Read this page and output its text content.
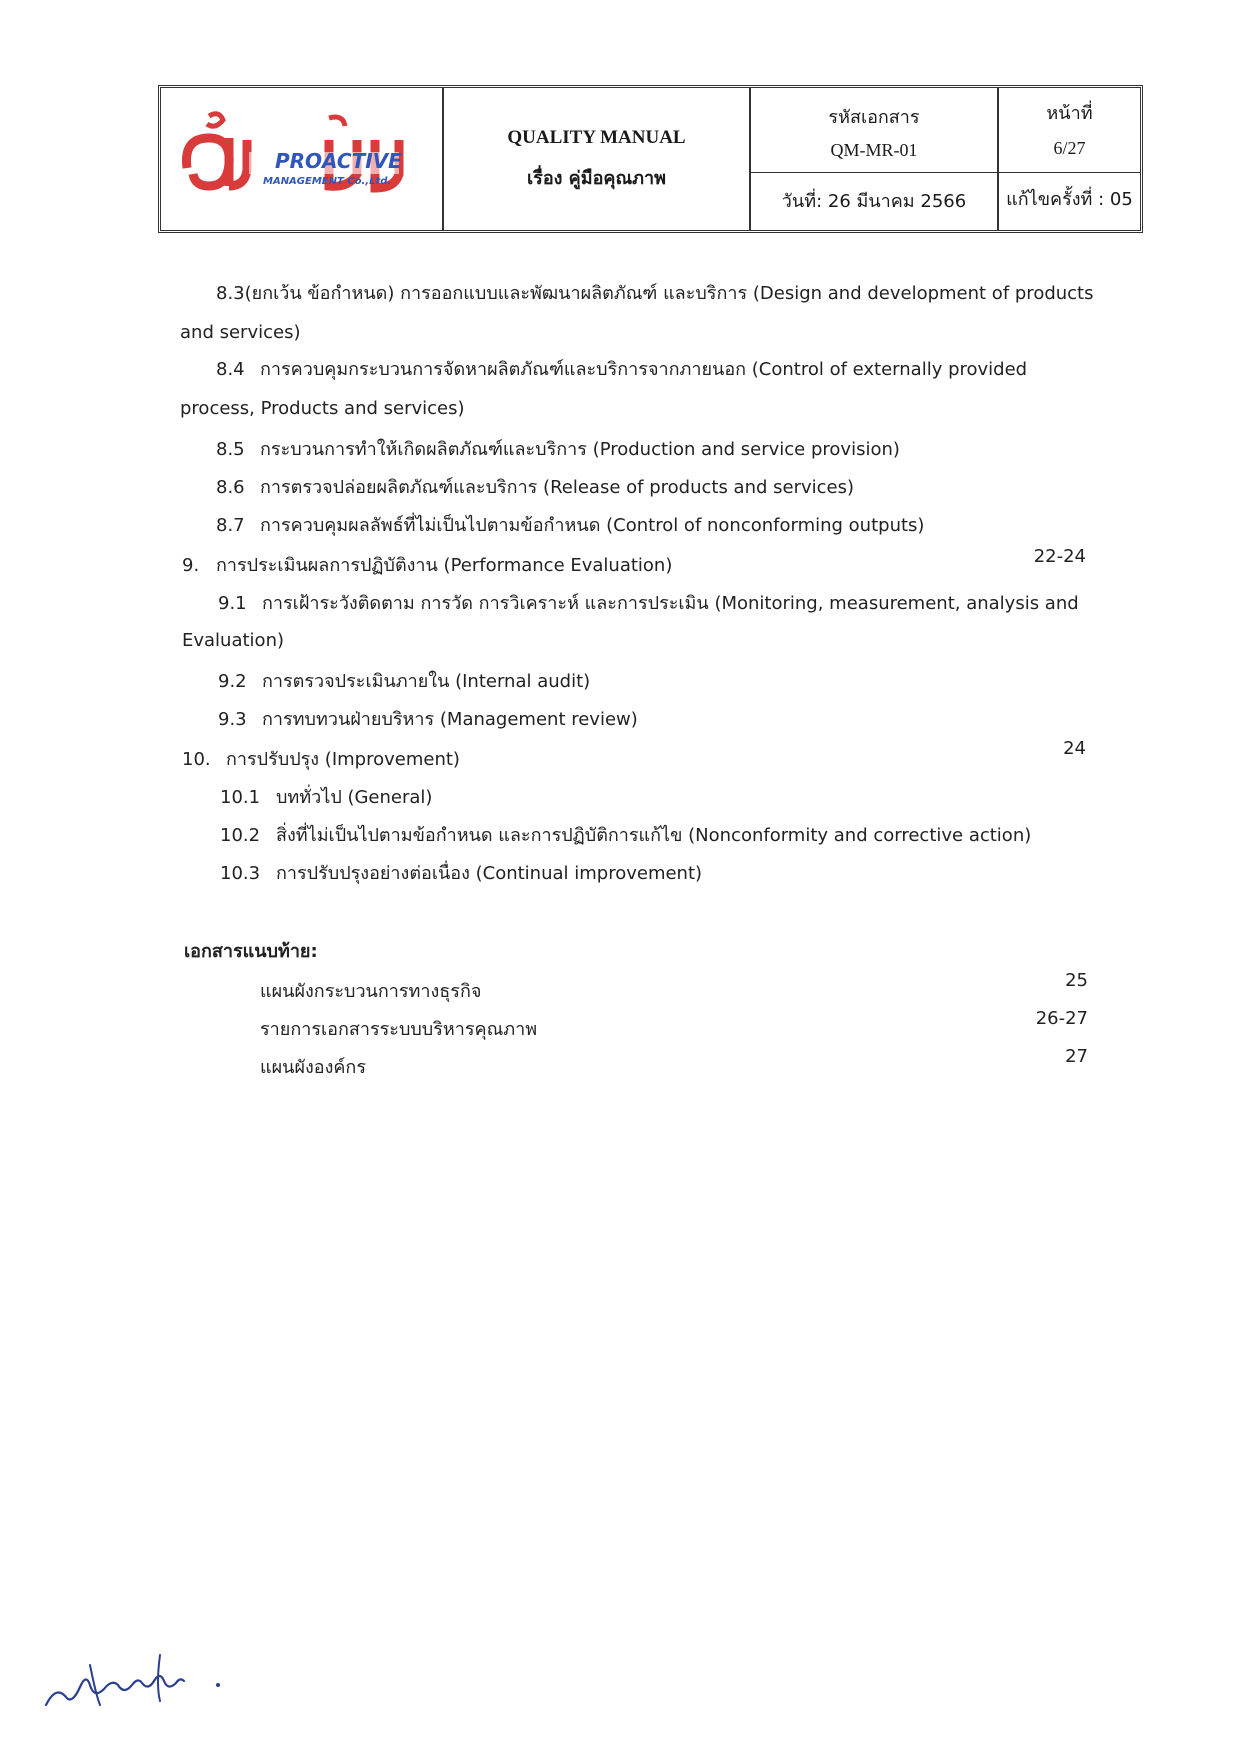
PROACTIVE
MANAGEMENT Co.,Ltd.
QUALITY MANUAL
เรื่อง คู่มือคุณภาพ
รหัสเอกสาร
QM-MR-01
วันที่: 26 มีนาคม 2566
หน้าที่
6/27
แก้ไขครั้งที่ : 05
8.3(ยกเว้น ข้อกำหนด) การออกแบบและพัฒนาผลิตภัณฑ์ และบริการ (Design and development of products
and services)
8.4 การควบคุมกระบวนการจัดหาผลิตภัณฑ์และบริการจากภายนอก (Control of externally provided
process, Products and services)
8.5 กระบวนการทำให้เกิดผลิตภัณฑ์และบริการ (Production and service provision)
8.6 การตรวจปล่อยผลิตภัณฑ์และบริการ (Release of products and services)
8.7 การควบคุมผลลัพธ์ที่ไม่เป็นไปตามข้อกำหนด (Control of nonconforming outputs)
9. การประเมินผลการปฏิบัติงาน (Performance Evaluation)	22-24
9.1 การเฝ้าระวังติดตาม การวัด การวิเคราะห์ และการประเมิน (Monitoring, measurement, analysis and
Evaluation)
9.2 การตรวจประเมินภายใน (Internal audit)
9.3 การทบทวนฝ่ายบริหาร (Management review)
10. การปรับปรุง (Improvement)
24
10.1 บททั่วไป (General)
10.2 สิ่งที่ไม่เป็นไปตามข้อกำหนด และการปฏิบัติการแก้ไข (Nonconformity and corrective action)
10.3 การปรับปรุงอย่างต่อเนื่อง (Continual improvement)
เอกสารแนบท้าย:
แผนผังกระบวนการทางธุรกิจ
25
รายการเอกสารระบบบริหารคุณภาพ
26-27
แผนผังองค์กร
27
